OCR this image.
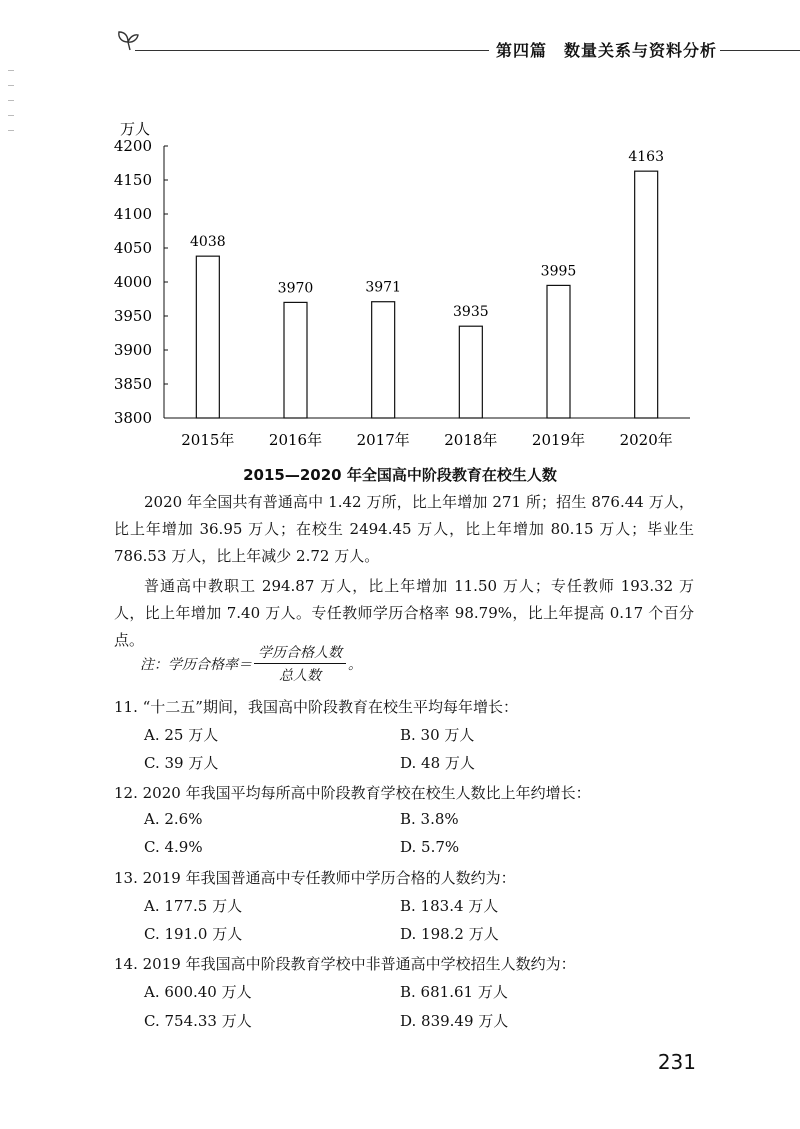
第四篇　数量关系与资料分析
万人
4200
4150
4100
4050
4000
3950
3900
3850
3800
4038
3970	3971
3935
3995
4163
2015年 2016年 2017年 2018年 2019年 2020年
2015—2020 年全国高中阶段教育在校生人数
2020 年全国共有普通高中 1.42 万所，比上年增加 271 所；招生 876.44 万人，比上年增加 36.95 万人；在校生 2494.45 万人，比上年增加 80.15 万人；毕业生 786.53 万人，比上年减少 2.72 万人。
普通高中教职工 294.87 万人，比上年增加 11.50 万人；专任教师 193.32 万人，比上年增加 7.40 万人。专任教师学历合格率 98.79%，比上年提高 0.17 个百分点。
注：学历合格率＝ $\frac{\text{学历合格人数}}{\text{总人数}}$ 。
11. “十二五”期间，我国高中阶段教育在校生平均每年增长：
A. 25 万人	B. 30 万人
C. 39 万人	D. 48 万人
12. 2020 年我国平均每所高中阶段教育学校在校生人数比上年约增长：
A. 2.6%	B. 3.8%
C. 4.9%	D. 5.7%
13. 2019 年我国普通高中专任教师中学历合格的人数约为：
A. 177.5 万人	B. 183.4 万人
C. 191.0 万人	D. 198.2 万人
14. 2019 年我国高中阶段教育学校中非普通高中学校招生人数约为：
A. 600.40 万人	B. 681.61 万人
C. 754.33 万人	D. 839.49 万人
231
